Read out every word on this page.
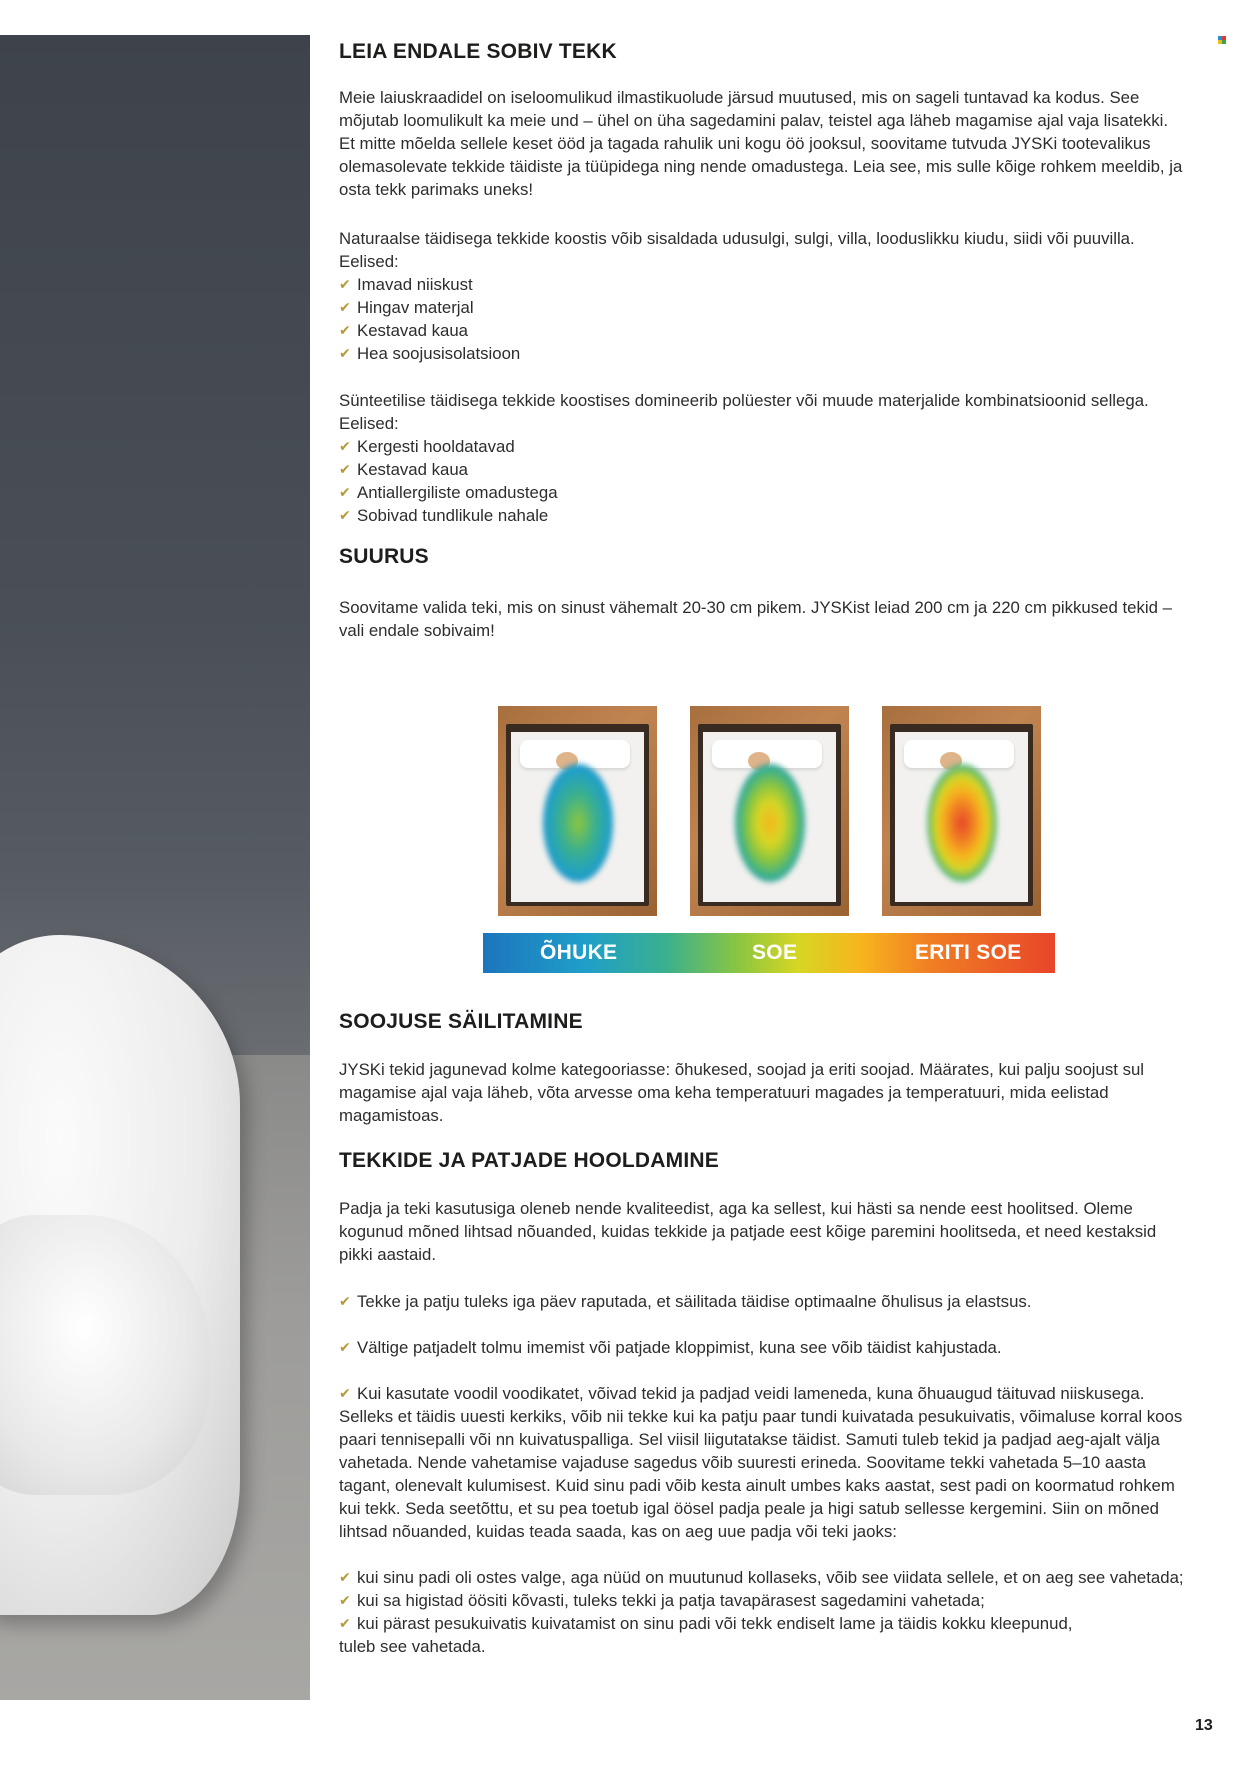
LEIA ENDALE SOBIV TEKK

Meie laiuskraadidel on iseloomulikud ilmastikuolude järsud muutused, mis on sageli tuntavad ka kodus. See
mõjutab loomulikult ka meie und – ühel on üha sagedamini palav, teistel aga läheb magamise ajal vaja lisatekki.
Et mitte mõelda sellele keset ööd ja tagada rahulik uni kogu öö jooksul, soovitame tutvuda JYSKi tootevalikus
olemasolevate tekkide täidiste ja tüüpidega ning nende omadustega. Leia see, mis sulle kõige rohkem meeldib, ja
osta tekk parimaks uneks!

Naturaalse täidisega tekkide koostis võib sisaldada udusulgi, sulgi, villa, looduslikku kiudu, siidi või puuvilla.
Eelised:

✔ Imavad niiskust
✔ Hingav materjal
✔ Kestavad kaua
✔ Hea soojusisolatsioon

Sünteetilise täidisega tekkide koostises domineerib polüester või muude materjalide kombinatsioonid sellega.
Eelised:

✔ Kergesti hooldatavad
✔ Kestavad kaua
✔ Antiallergiliste omadustega
✔ Sobivad tundlikule nahale
SUURUS

Soovitame valida teki, mis on sinust vähemalt 20-30 cm pikem. JYSKist leiad 200 cm ja 220 cm pikkused tekid –
vali endale sobivaim!

SOOJUSE SÄILITAMINE

JYSKi tekid jagunevad kolme kategooriasse: õhukesed, soojad ja eriti soojad. Määrates, kui palju soojust sul
magamise ajal vaja läheb, võta arvesse oma keha temperatuuri magades ja temperatuuri, mida eelistad
magamistoas.

TEKKIDE JA PATJADE HOOLDAMINE

Padja ja teki kasutusiga oleneb nende kvaliteedist, aga ka sellest, kui hästi sa nende eest hoolitsed. Oleme
kogunud mõned lihtsad nõuanded, kuidas tekkide ja patjade eest kõige paremini hoolitseda, et need kestaksid
pikki aastaid.

✔ Tekke ja patju tuleks iga päev raputada, et säilitada täidise optimaalne õhulisus ja elastsus.
✔ Vältige patjadelt tolmu imemist või patjade kloppimist, kuna see võib täidist kahjustada.
✔ Kui kasutate voodil voodikatet, võivad tekid ja padjad veidi lameneda, kuna õhuaugud täituvad niiskusega.

Selleks et täidis uuesti kerkiks, võib nii tekke kui ka patju paar tundi kuivatada pesukuivatis, võimaluse korral koos
paari tennisepalli või nn kuivatuspalliga. Sel viisil liigutatakse täidist. Samuti tuleb tekid ja padjad aeg-ajalt välja
vahetada. Nende vahetamise vajaduse sagedus võib suuresti erineda. Soovitame tekki vahetada 5–10 aasta
tagant, olenevalt kulumisest. Kuid sinu padi võib kesta ainult umbes kaks aastat, sest padi on koormatud rohkem
kui tekk. Seda seetõttu, et su pea toetub igal öösel padja peale ja higi satub sellesse kergemini. Siin on mõned
lihtsad nõuanded, kuidas teada saada, kas on aeg uue padja või teki jaoks:

✔ kui sinu padi oli ostes valge, aga nüüd on muutunud kollaseks, võib see viidata sellele, et on aeg see vahetada;
✔ kui sa higistad öösiti kõvasti, tuleks tekki ja patja tavapärasest sagedamini vahetada;
✔ kui pärast pesukuivatis kuivatamist on sinu padi või tekk endiselt lame ja täidis kokku kleepunud,

tuleb see vahetada.

ÕHUKE	SOE	ERITI SOE
13
